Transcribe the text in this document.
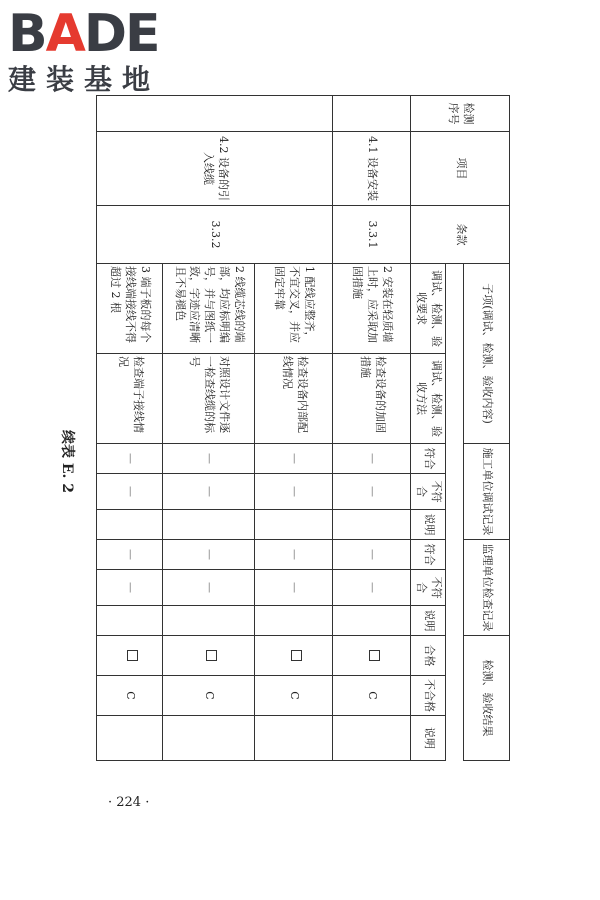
BADE
建装基地
续表 E. 2
检测序号	项目	条款	子项(调试、检测、验收内容)		施工单位调试记录			监理单位检查记录			检测、验收结果		

			调试、检测、验收要求	调试、检测、验收方法	符合	不符合	说明	符合	不符合	说明	合格	不合格	说明
	4.1 设备安装	3.3.1	2 安装在轻质墙上时，应采取加固措施	检查设备的加固措施	—	—		—	—			C	
	4.2 设备的引入线缆	3.3.2	1 配线应整齐，不宜交叉，并应固定牢靠	检查设备内部配线情况	—	—		—	—			C	
			2 线缆芯线的端部，均应标明编号，并与图纸一致，字迹应清晰且不易褪色	对照设计文件逐一检查线缆的标号	—	—		—	—			C	
			3 端子板的每个接线端接线不得超过 2 根	检查端子接线情况	—	—		—	—			C	
· 224 ·
